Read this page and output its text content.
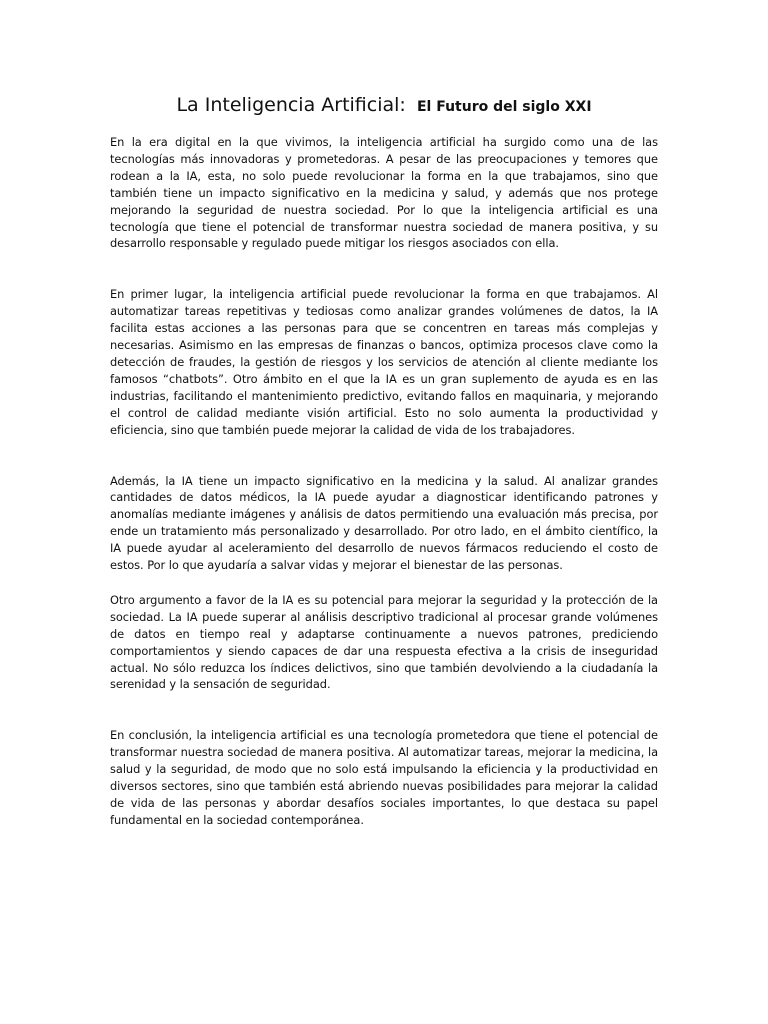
La Inteligencia Artificial: El Futuro del siglo XXI

En la era digital en la que vivimos, la inteligencia artificial ha surgido como una de las tecnologías más innovadoras y prometedoras. A pesar de las preocupaciones y temores que rodean a la IA, esta, no solo puede revolucionar la forma en la que trabajamos, sino que también tiene un impacto significativo en la medicina y salud, y además que nos protege mejorando la seguridad de nuestra sociedad. Por lo que la inteligencia artificial es una tecnología que tiene el potencial de transformar nuestra sociedad de manera positiva, y su desarrollo responsable y regulado puede mitigar los riesgos asociados con ella.

En primer lugar, la inteligencia artificial puede revolucionar la forma en que trabajamos. Al automatizar tareas repetitivas y tediosas como analizar grandes volúmenes de datos, la IA facilita estas acciones a las personas para que se concentren en tareas más complejas y necesarias. Asimismo en las empresas de finanzas o bancos, optimiza procesos clave como la detección de fraudes, la gestión de riesgos y los servicios de atención al cliente mediante los famosos “chatbots”. Otro ámbito en el que la IA es un gran suplemento de ayuda es en las industrias, facilitando el mantenimiento predictivo, evitando fallos en maquinaria, y mejorando el control de calidad mediante visión artificial. Esto no solo aumenta la productividad y eficiencia, sino que también puede mejorar la calidad de vida de los trabajadores.

Además, la IA tiene un impacto significativo en la medicina y la salud. Al analizar grandes cantidades de datos médicos, la IA puede ayudar a diagnosticar identificando patrones y anomalías mediante imágenes y análisis de datos permitiendo una evaluación más precisa, por ende un tratamiento más personalizado y desarrollado. Por otro lado, en el ámbito científico, la IA puede ayudar al aceleramiento del desarrollo de nuevos fármacos reduciendo el costo de estos. Por lo que ayudaría a salvar vidas y mejorar el bienestar de las personas.

Otro argumento a favor de la IA es su potencial para mejorar la seguridad y la protección de la sociedad. La IA puede superar al análisis descriptivo tradicional al procesar grande volúmenes de datos en tiempo real y adaptarse continuamente a nuevos patrones, prediciendo comportamientos y siendo capaces de dar una respuesta efectiva a la crisis de inseguridad actual. No sólo reduzca los índices delictivos, sino que también devolviendo a la ciudadanía la serenidad y la sensación de seguridad.

En conclusión, la inteligencia artificial es una tecnología prometedora que tiene el potencial de transformar nuestra sociedad de manera positiva. Al automatizar tareas, mejorar la medicina, la salud y la seguridad, de modo que no solo está impulsando la eficiencia y la productividad en diversos sectores, sino que también está abriendo nuevas posibilidades para mejorar la calidad de vida de las personas y abordar desafíos sociales importantes, lo que destaca su papel fundamental en la sociedad contemporánea.
